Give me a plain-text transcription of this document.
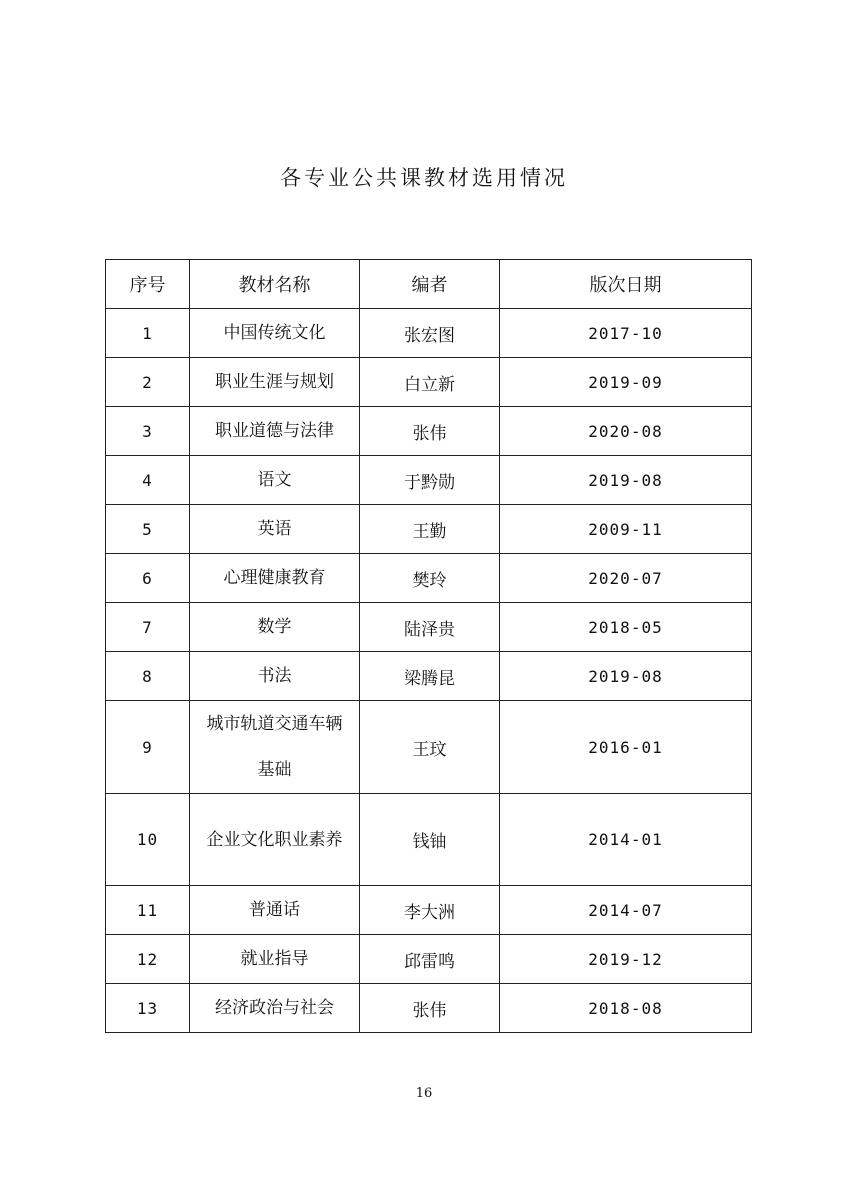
各专业公共课教材选用情况
序号	教材名称	编者	版次日期
1	中国传统文化	张宏图	2017-10
2	职业生涯与规划	白立新	2019-09
3	职业道德与法律	张伟	2020-08
4	语文	于黔勋	2019-08
5	英语	王勤	2009-11
6	心理健康教育	樊玲	2020-07
7	数学	陆泽贵	2018-05
8	书法	梁腾昆	2019-08
9	城市轨道交通车辆基础	王玟	2016-01
10	企业文化职业素养	钱铀	2014-01
11	普通话	李大洲	2014-07
12	就业指导	邱雷鸣	2019-12
13	经济政治与社会	张伟	2018-08
16
